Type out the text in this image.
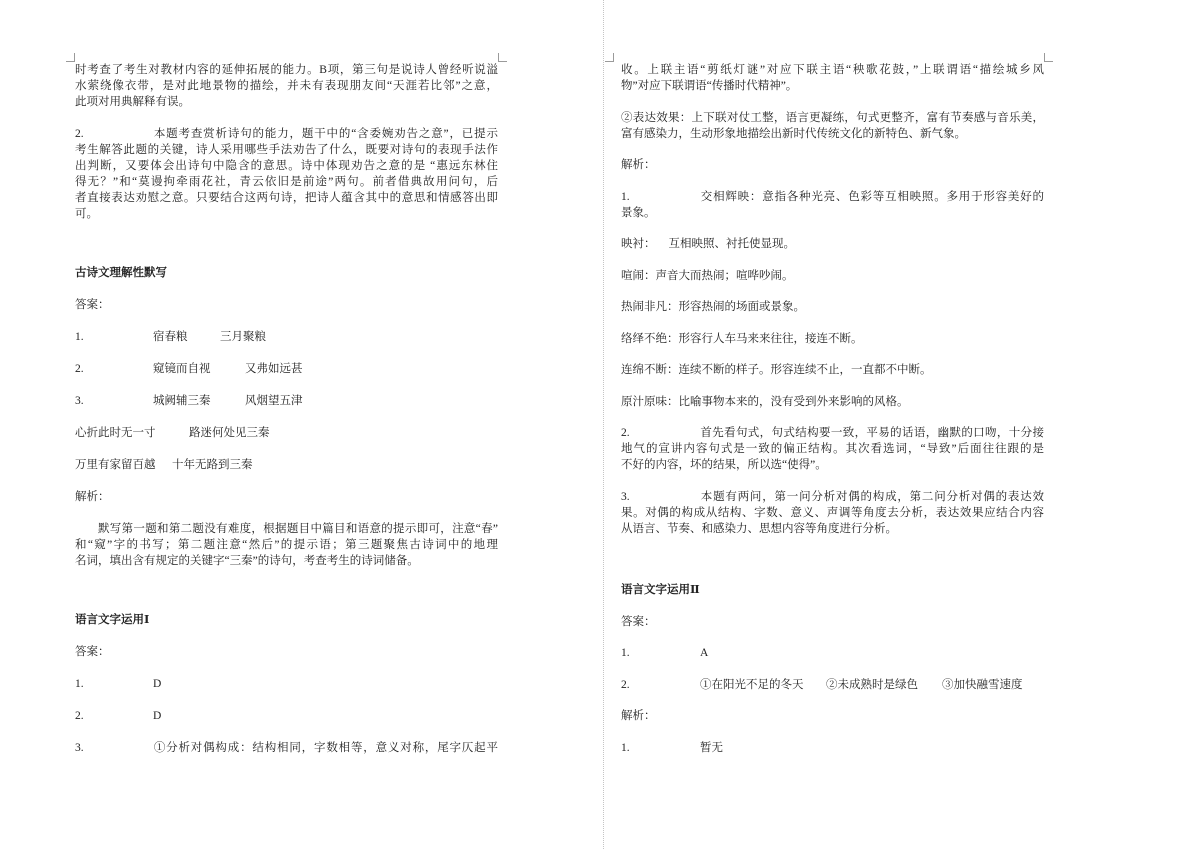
时考查了考生对教材内容的延伸拓展的能力。B项，第三句是说诗人曾经听说溢
水萦绕像衣带，是对此地景物的描绘，并未有表现朋友间“天涯若比邻”之意，
此项对用典解释有误。
2.	本题考查赏析诗句的能力，题干中的“含委婉劝告之意”，已提示
考生解答此题的关键，诗人采用哪些手法劝告了什么，既要对诗句的表现手法作
出判断，又要体会出诗句中隐含的意思。诗中体现劝告之意的是 “惠远东林住
得无？”和“莫谩拘牵雨花社，青云依旧是前途”两句。前者借典故用问句，后
者直接表达劝慰之意。只要结合这两句诗，把诗人蕴含其中的意思和情感答出即
可。
古诗文理解性默写
答案：
1.	宿春粮	三月聚粮
2.	窥镜而自视	又弗如远甚
3.	城阙辅三秦	风烟望五津
心折此时无一寸	路迷何处见三秦
万里有家留百越 十年无路到三秦
解析：
默写第一题和第二题没有难度，根据题目中篇目和语意的提示即可，注意“春”
和“窥”字的书写；第二题注意“然后”的提示语；第三题聚焦古诗词中的地理
名词，填出含有规定的关键字“三秦”的诗句，考查考生的诗词储备。
语言文字运用Ⅰ
答案：
1.	D
2.	D
3.	①分析对偶构成：结构相同，字数相等，意义对称，尾字仄起平
收。上联主语“剪纸灯谜”对应下联主语“秧歌花鼓，”上联谓语“描绘城乡风
物”对应下联谓语“传播时代精神”。
②表达效果：上下联对仗工整，语言更凝练，句式更整齐，富有节奏感与音乐美，
富有感染力，生动形象地描绘出新时代传统文化的新特色、新气象。
解析：
1.	交相辉映：意指各种光亮、色彩等互相映照。多用于形容美好的
景象。
映衬： 互相映照、衬托使显现。
喧闹：声音大而热闹；喧哗吵闹。
热闹非凡：形容热闹的场面或景象。
络绎不绝：形容行人车马来来往往，接连不断。
连绵不断：连续不断的样子。形容连续不止，一直都不中断。
原汁原味：比喻事物本来的，没有受到外来影响的风格。
2.	首先看句式，句式结构要一致，平易的话语，幽默的口吻，十分接
地气的宣讲内容句式是一致的偏正结构。其次看选词，“导致”后面往往跟的是
不好的内容，坏的结果，所以选“使得”。
3.	本题有两问，第一问分析对偶的构成，第二问分析对偶的表达效
果。对偶的构成从结构、字数、意义、声调等角度去分析，表达效果应结合内容
从语言、节奏、和感染力、思想内容等角度进行分析。
语言文字运用Ⅱ
答案：
1.	A
2.	①在阳光不足的冬天 ②未成熟时是绿色 ③加快融雪速度
解析：
1.	暂无
